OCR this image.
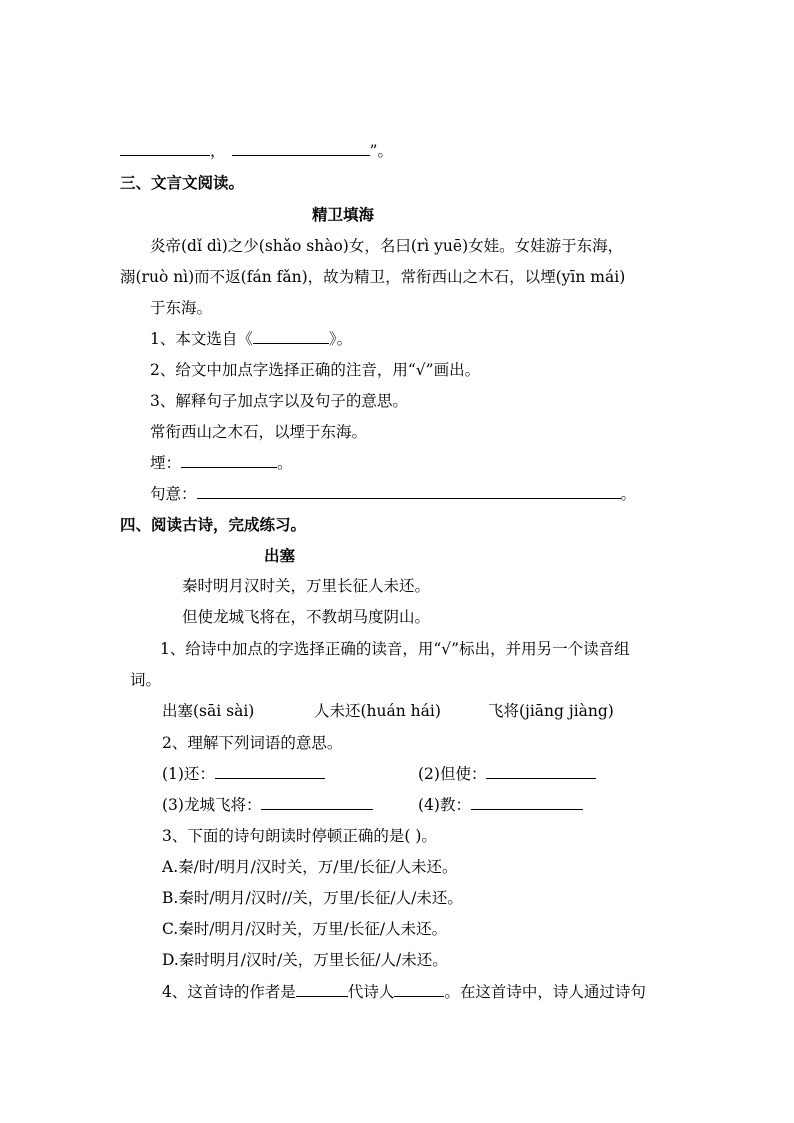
，	”。
三、文言文阅读。
精卫填海
炎帝(dǐ dì)之少(shǎo shào)女，名曰(rì yuē)女娃。女娃游于东海，
溺(ruò nì)而不返(fán fǎn)，故为精卫，常衔西山之木石，以堙(yīn mái)
于东海。
1、本文选自《	》。
2、给文中加点字选择正确的注音，用“√”画出。
3、解释句子加点字以及句子的意思。
常衔西山之木石，以堙于东海。
堙：	。
句意：	。
四、阅读古诗，完成练习。
出塞
秦时明月汉时关，万里长征人未还。
但使龙城飞将在，不教胡马度阴山。
1、给诗中加点的字选择正确的读音，用“√”标出，并用另一个读音组
词。
出塞(sāi sài)	人未还(huán hái)	飞将(jiāng jiàng)
2、理解下列词语的意思。
(1)还：	(2)但使：
(3)龙城飞将：	(4)教：
3、下面的诗句朗读时停顿正确的是( )。
A.秦/时/明月/汉时关，万/里/长征/人未还。
B.秦时/明月/汉时//关，万里/长征/人/未还。
C.秦时/明月/汉时关，万里/长征/人未还。
D.秦时明月/汉时/关，万里长征/人/未还。
4、这首诗的作者是	代诗人	。在这首诗中，诗人通过诗句
